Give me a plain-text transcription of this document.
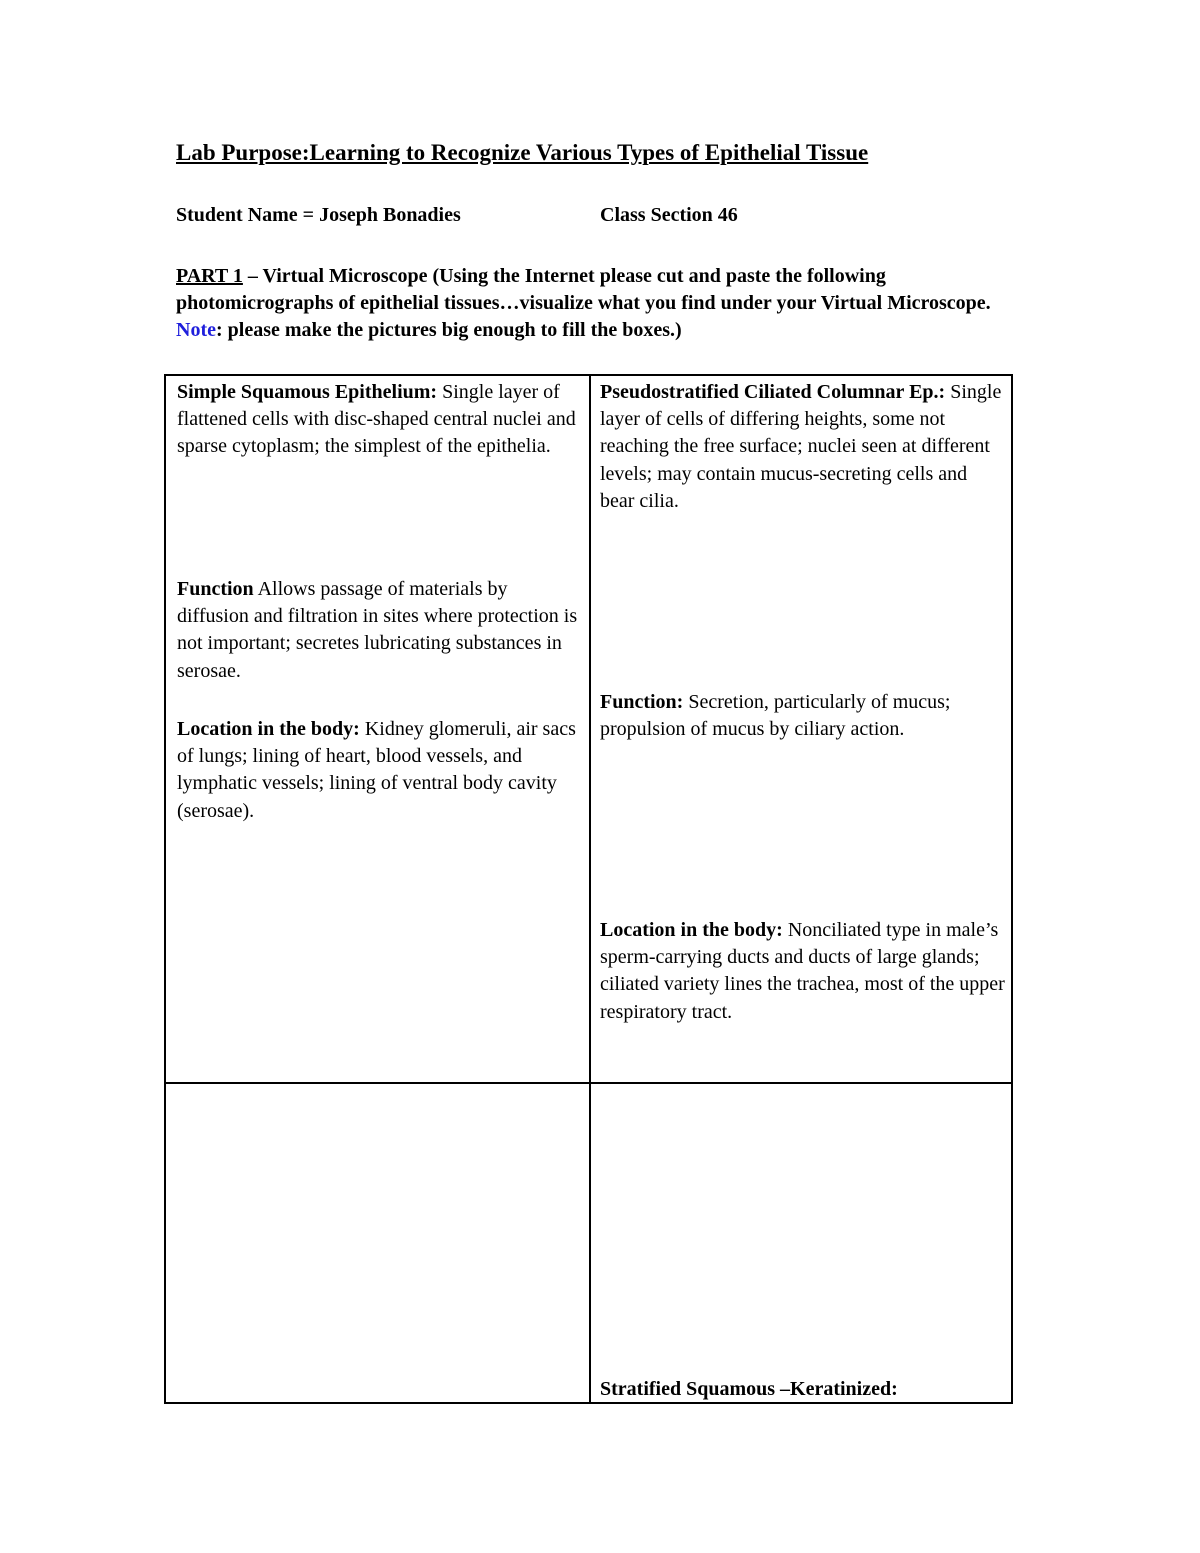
Lab Purpose:Learning to Recognize Various Types of Epithelial Tissue
Student Name = Joseph Bonadies	Class Section 46
PART 1 – Virtual Microscope (Using the Internet please cut and paste the following photomicrographs of epithelial tissues…visualize what you find under your Virtual Microscope. Note: please make the pictures big enough to fill the boxes.)
Simple Squamous Epithelium: Single layer of flattened cells with disc-shaped central nuclei and sparse cytoplasm; the simplest of the epithelia.
Function Allows passage of materials by diffusion and filtration in sites where protection is not important; secretes lubricating substances in serosae.
Location in the body: Kidney glomeruli, air sacs of lungs; lining of heart, blood vessels, and lymphatic vessels; lining of ventral body cavity (serosae).
Pseudostratified Ciliated Columnar Ep.: Single layer of cells of differing heights, some not reaching the free surface; nuclei seen at different levels; may contain mucus-secreting cells and bear cilia.
Function: Secretion, particularly of mucus; propulsion of mucus by ciliary action.
Location in the body: Nonciliated type in male’s sperm-carrying ducts and ducts of large glands; ciliated variety lines the trachea, most of the upper respiratory tract.
Stratified Squamous –Keratinized:
